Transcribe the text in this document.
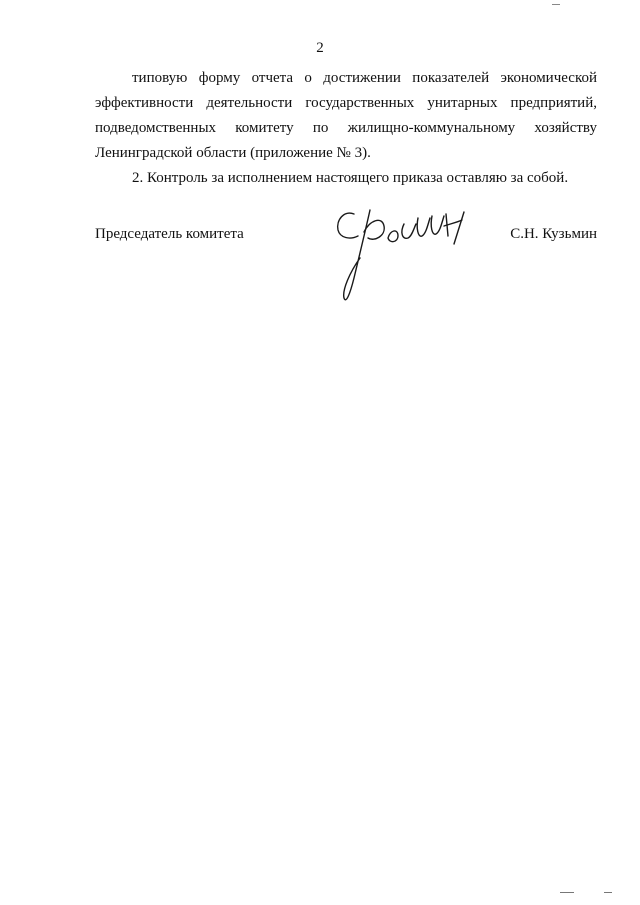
2

типовую форму отчета о достижении показателей экономической
эффективности деятельности государственных унитарных предприятий,
подведомственных комитету по жилищно-коммунальному хозяйству
Ленинградской области (приложение № 3).

2. Контроль за исполнением настоящего приказа оставляю за собой.

Председатель комитета	С.Н. Кузьмин
